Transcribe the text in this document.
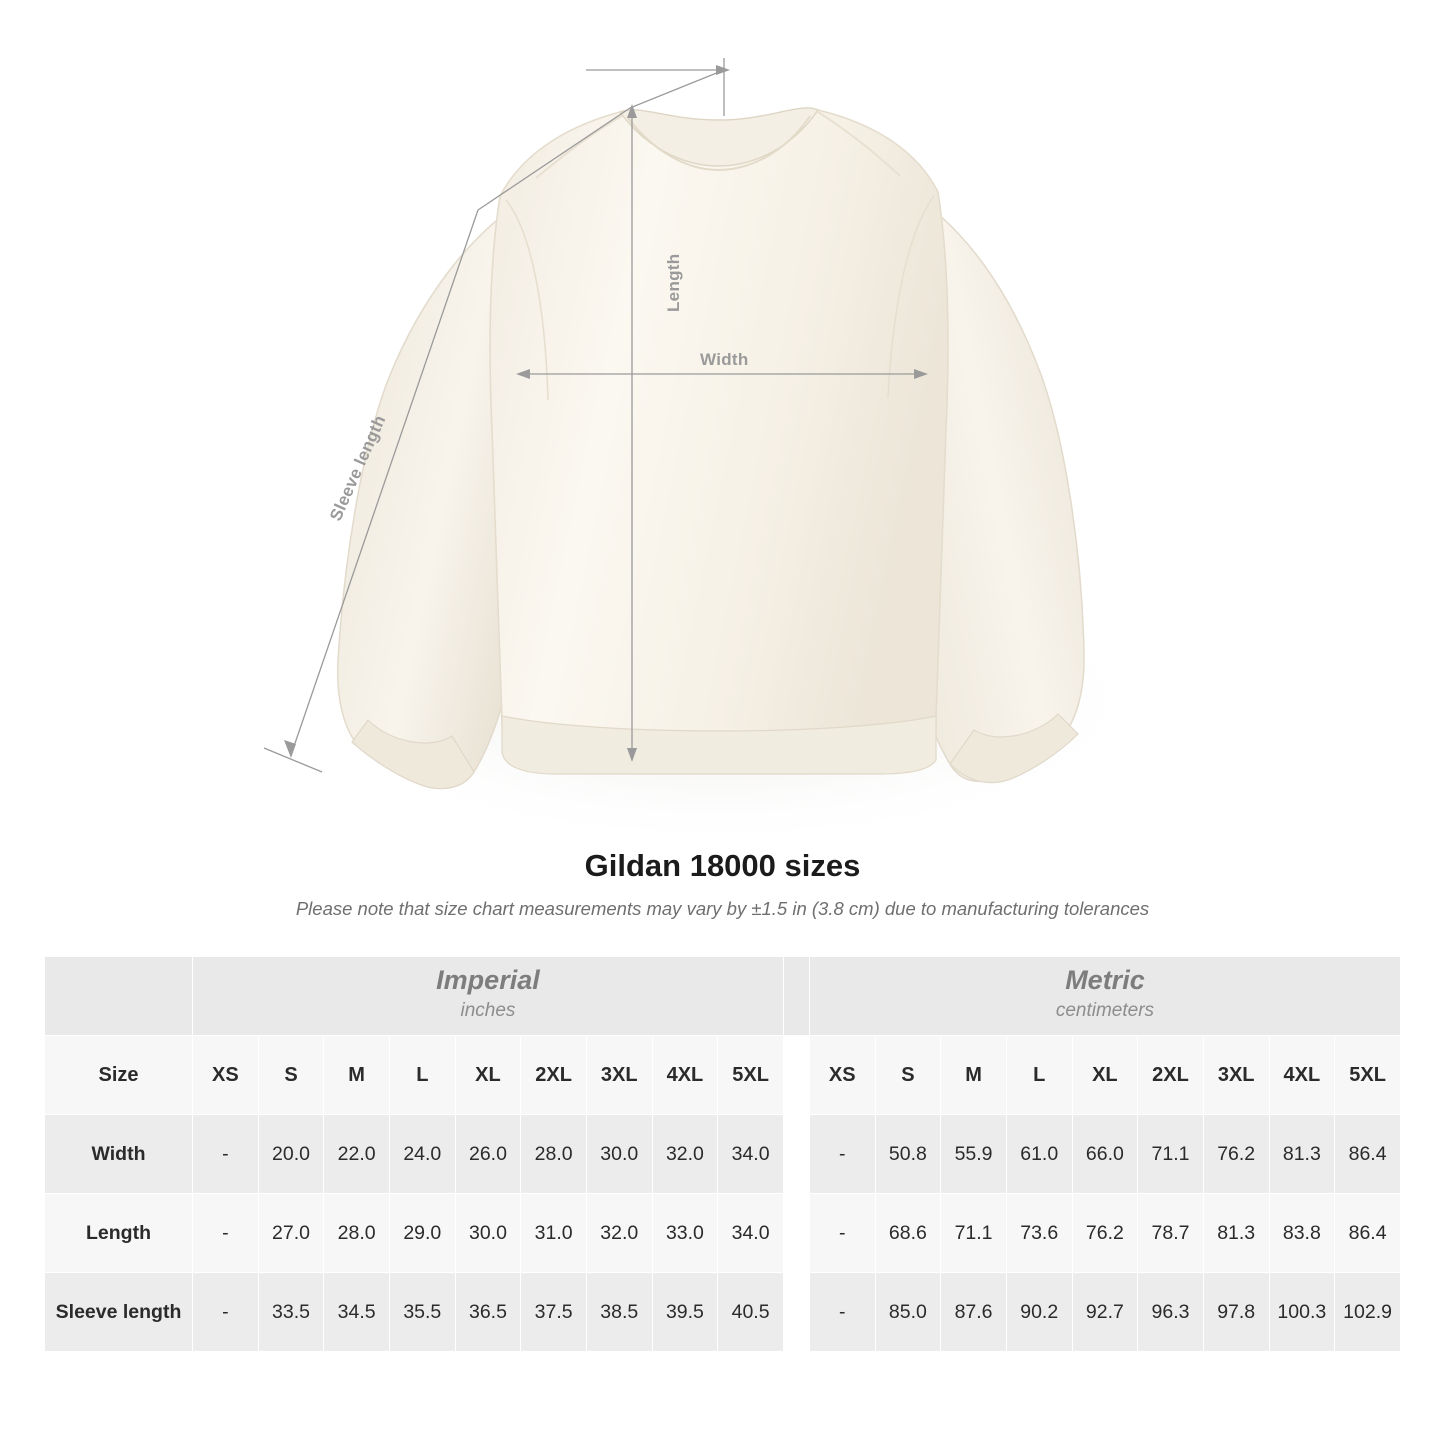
Length
Width
Sleeve length
Gildan 18000 sizes

Please note that size chart measurements may vary by ±1.5 in (3.8 cm) due to manufacturing tolerances

Imperial
inches

Metric
centimeters

Size	XS	S	M	L	XL	2XL	3XL	4XL	5XL		XS	S	M	L	XL	2XL	3XL	4XL	5XL
Width	-	20.0	22.0	24.0	26.0	28.0	30.0	32.0	34.0		-	50.8	55.9	61.0	66.0	71.1	76.2	81.3	86.4
Length	-	27.0	28.0	29.0	30.0	31.0	32.0	33.0	34.0		-	68.6	71.1	73.6	76.2	78.7	81.3	83.8	86.4
Sleeve length	-	33.5	34.5	35.5	36.5	37.5	38.5	39.5	40.5		-	85.0	87.6	90.2	92.7	96.3	97.8	100.3	102.9
